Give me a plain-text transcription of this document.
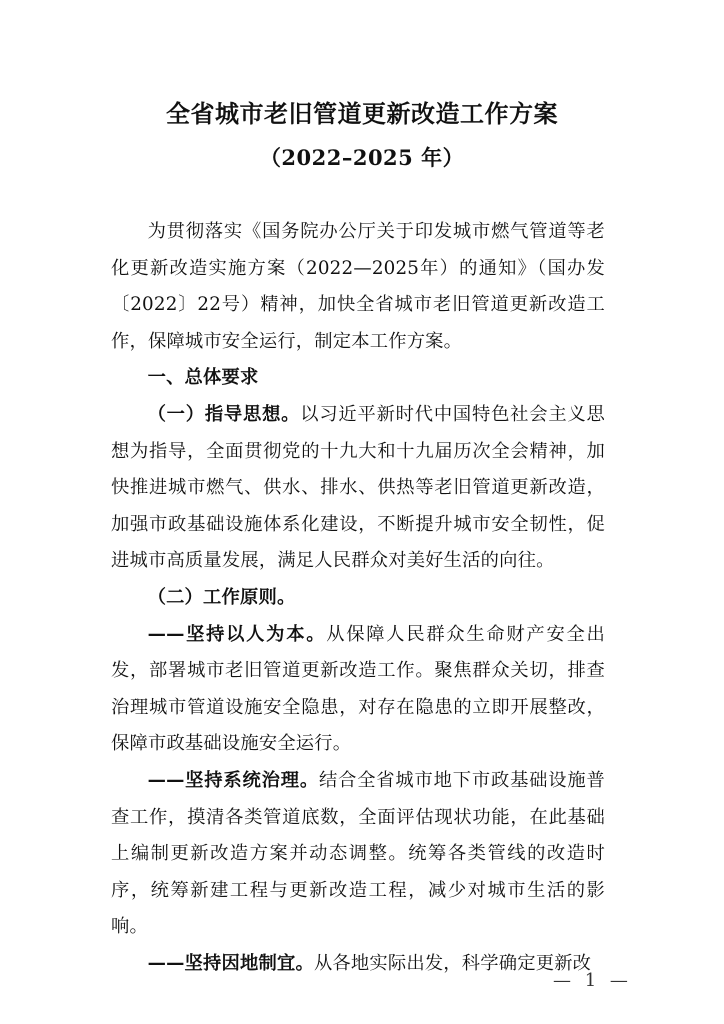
全省城市老旧管道更新改造工作方案
（2022–2025 年）

为贯彻落实《国务院办公厅关于印发城市燃气管道等老化更新改造实施方案（2022—2025年）的通知》（国办发〔2022〕22号）精神，加快全省城市老旧管道更新改造工作，保障城市安全运行，制定本工作方案。

一、总体要求

（一）指导思想。以习近平新时代中国特色社会主义思想为指导，全面贯彻党的十九大和十九届历次全会精神，加快推进城市燃气、供水、排水、供热等老旧管道更新改造，加强市政基础设施体系化建设，不断提升城市安全韧性，促进城市高质量发展，满足人民群众对美好生活的向往。

（二）工作原则。

——坚持以人为本。从保障人民群众生命财产安全出发，部署城市老旧管道更新改造工作。聚焦群众关切，排查治理城市管道设施安全隐患，对存在隐患的立即开展整改，保障市政基础设施安全运行。

——坚持系统治理。结合全省城市地下市政基础设施普查工作，摸清各类管道底数，全面评估现状功能，在此基础上编制更新改造方案并动态调整。统筹各类管线的改造时序，统筹新建工程与更新改造工程，减少对城市生活的影响。

——坚持因地制宜。从各地实际出发，科学确定更新改

— 1 —
